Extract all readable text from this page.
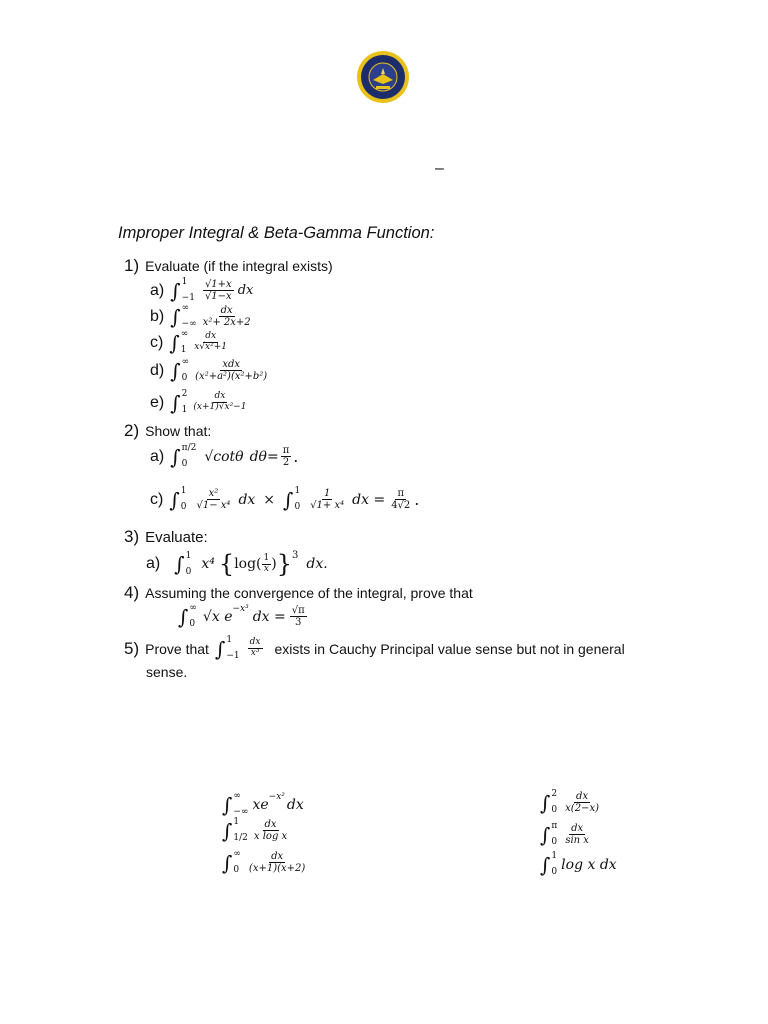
–
Improper Integral & Beta-Gamma Function:
1) Evaluate (if the integral exists)
a) ∫ 1
$-1 \frac{√1+x}{√1-x}$ dx
b) ∫ ∞
−∞ $\frac{dx}{\text{x²+ 2x+2}}$
c) ∫ ∞
$1 \frac{dx}{\text{x√x²+1}}$
d) ∫ ∞
$0 \frac{\text{xdx}}{\text{(x²+a²)(x²+b²)}}$
e) ∫ 2
$1 \frac{dx}{\text{(x+1)√x²−1}}$
2) Show that:
a) ∫ π/2
0	√cotθ $d\theta= \frac{\pi}{2}$ .
c) ∫ 1
$0 \frac{\text{x²}}{\text{√1− x⁴}}$ dx × ∫ 1
$0 \frac{1}{\text{√1+ x⁴}}$ dx = $\frac{\pi}{4√2}$ .
3) Evaluate:
a) ∫ 1
0 x⁴ { $\log( \frac{1}{x}$ ) }$^3$
dx.
4) Assuming the convergence of the integral, prove that
∫ ∞
0 √x $e^{-x^3}$ dx = $\frac{√\pi}{3}$
5) Prove that ∫ 1
$-1 \frac{dx}{\text{x³}}$ exists in Cauchy Principal value sense but not in general
sense.
∫ ∞
−∞ $xe^{-x^2}$ dx
∫ 1
$1/2 \frac{dx}{\text{x log x}}$
∫ ∞
$0 \frac{dx}{(x+1)(x+2)}$
∫ 2
$0 \frac{dx}{x(2-x)}$
∫ π
$0 \frac{dx}{\text{sin x}}$
∫ 1
0 log x dx
